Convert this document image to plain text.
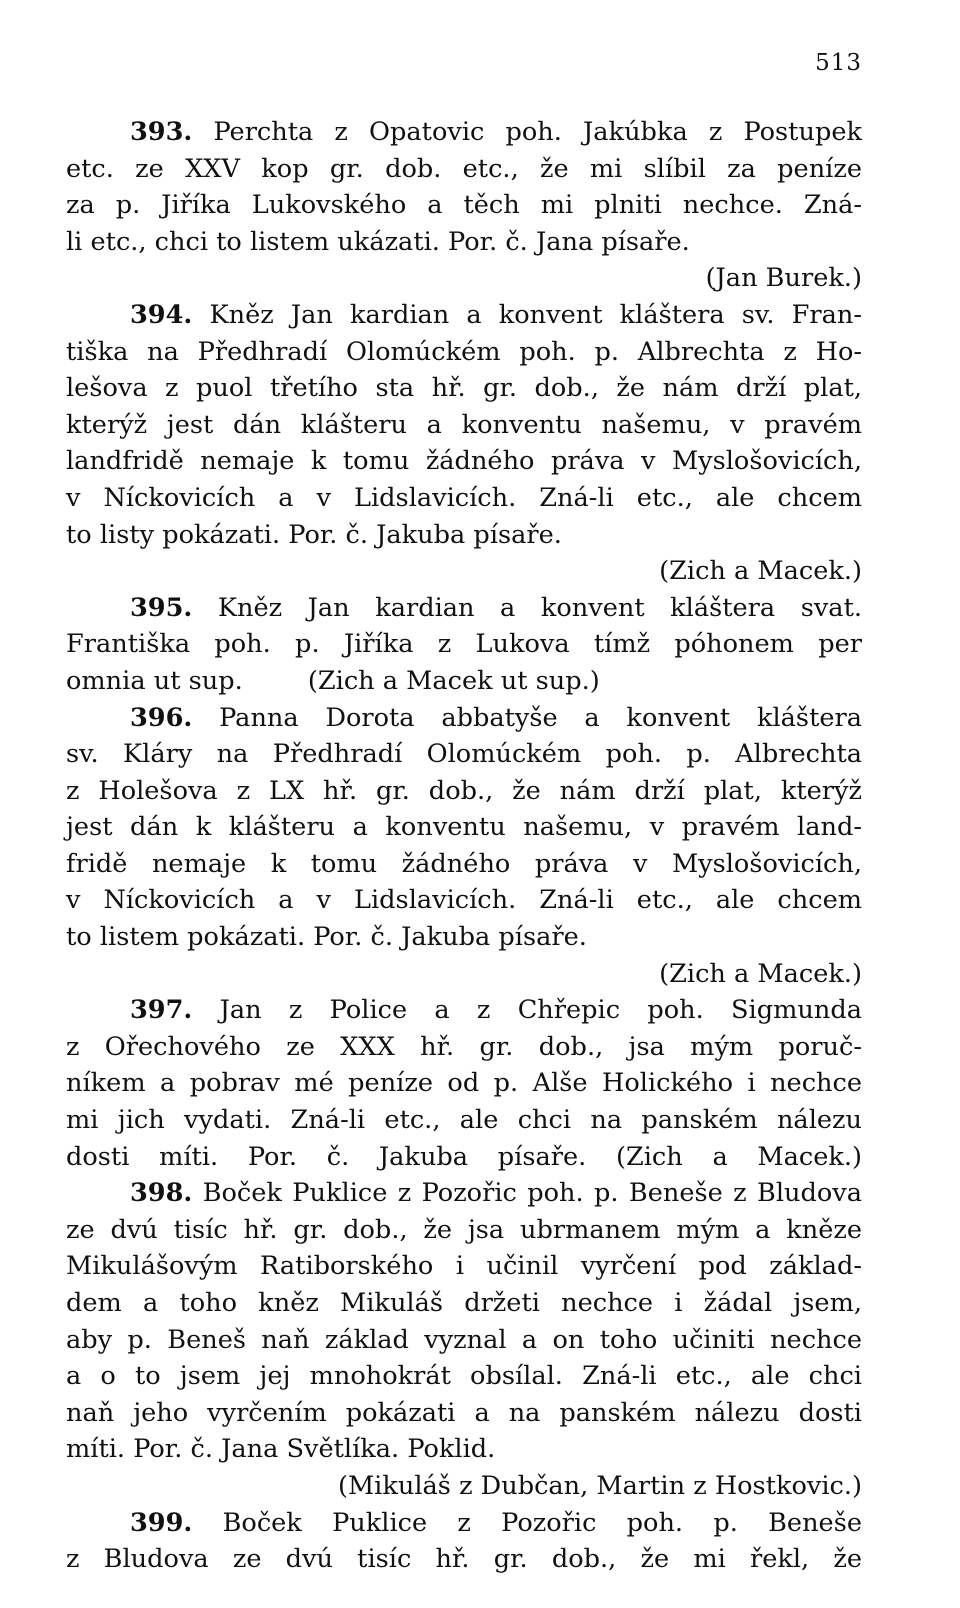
513
393. Perchta z Opatovic poh. Jakúbka z Postupek
etc. ze XXV kop gr. dob. etc., že mi slíbil za peníze
za p. Jiříka Lukovského a těch mi plniti nechce. Zná-
li etc., chci to listem ukázati. Por. č. Jana písaře.
(Jan Burek.)
394. Kněz Jan kardian a konvent kláštera sv. Fran-
tiška na Předhradí Olomúckém poh. p. Albrechta z Ho-
lešova z puol třetího sta hř. gr. dob., že nám drží plat,
kterýž jest dán klášteru a konventu našemu, v pravém
landfridě nemaje k tomu žádného práva v Myslošovicích,
v Níckovicích a v Lidslavicích. Zná-li etc., ale chcem
to listy pokázati. Por. č. Jakuba písaře.
(Zich a Macek.)
395. Kněz Jan kardian a konvent kláštera svat.
Františka poh. p. Jiříka z Lukova tímž póhonem per
omnia ut sup.        (Zich a Macek ut sup.)
396. Panna Dorota abbatyše a konvent kláštera
sv. Kláry na Předhradí Olomúckém poh. p. Albrechta
z Holešova z LX hř. gr. dob., že nám drží plat, kterýž
jest dán k klášteru a konventu našemu, v pravém land-
fridě nemaje k tomu žádného práva v Myslošovicích,
v Níckovicích a v Lidslavicích. Zná-li etc., ale chcem
to listem pokázati. Por. č. Jakuba písaře.
(Zich a Macek.)
397. Jan z Police a z Chřepic poh. Sigmunda
z Ořechového ze XXX hř. gr. dob., jsa mým poruč-
níkem a pobrav mé peníze od p. Alše Holického i nechce
mi jich vydati. Zná-li etc., ale chci na panském nálezu
dosti míti. Por. č. Jakuba písaře. (Zich a Macek.)
398. Boček Puklice z Pozořic poh. p. Beneše z Bludova
ze dvú tisíc hř. gr. dob., že jsa ubrmanem mým a kněze
Mikulášovým Ratiborského i učinil vyrčení pod základ-
dem a toho kněz Mikuláš držeti nechce i žádal jsem,
aby p. Beneš naň základ vyznal a on toho učiniti nechce
a o to jsem jej mnohokrát obsílal. Zná-li etc., ale chci
naň jeho vyrčením pokázati a na panském nálezu dosti
míti. Por. č. Jana Světlíka. Poklid.
(Mikuláš z Dubčan, Martin z Hostkovic.)
399. Boček Puklice z Pozořic poh. p. Beneše
z Bludova ze dvú tisíc hř. gr. dob., že mi řekl, že
